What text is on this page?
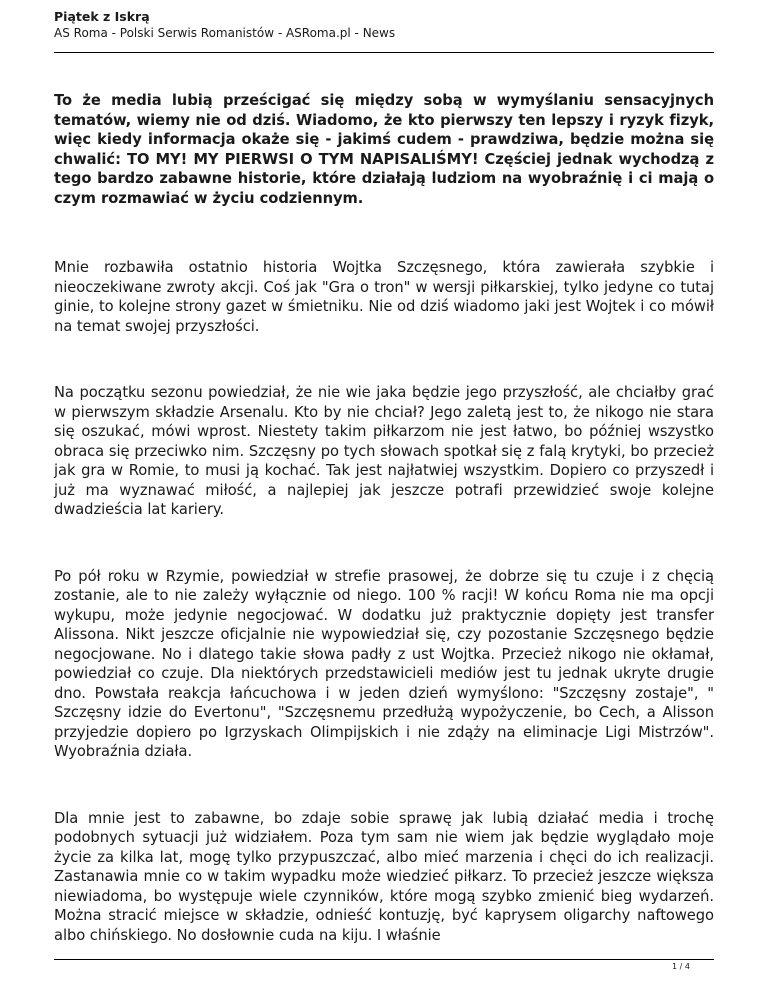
Piątek z Iskrą
AS Roma - Polski Serwis Romanistów - ASRoma.pl - News

To że media lubią prześcigać się między sobą w wymyślaniu sensacyjnych tematów, wiemy nie od dziś. Wiadomo, że kto pierwszy ten lepszy i ryzyk fizyk, więc kiedy informacja okaże się - jakimś cudem - prawdziwa, będzie można się chwalić: TO MY! MY PIERWSI O TYM NAPISALIŚMY! Częściej jednak wychodzą z tego bardzo zabawne historie, które działają ludziom na wyobraźnię i ci mają o czym rozmawiać w życiu codziennym.

Mnie rozbawiła ostatnio historia Wojtka Szczęsnego, która zawierała szybkie i nieoczekiwane zwroty akcji. Coś jak "Gra o tron" w wersji piłkarskiej, tylko jedyne co tutaj ginie, to kolejne strony gazet w śmietniku. Nie od dziś wiadomo jaki jest Wojtek i co mówił na temat swojej przyszłości.

Na początku sezonu powiedział, że nie wie jaka będzie jego przyszłość, ale chciałby grać w pierwszym składzie Arsenalu. Kto by nie chciał? Jego zaletą jest to, że nikogo nie stara się oszukać, mówi wprost. Niestety takim piłkarzom nie jest łatwo, bo później wszystko obraca się przeciwko nim. Szczęsny po tych słowach spotkał się z falą krytyki, bo przecież jak gra w Romie, to musi ją kochać. Tak jest najłatwiej wszystkim. Dopiero co przyszedł i już ma wyznawać miłość, a najlepiej jak jeszcze potrafi przewidzieć swoje kolejne dwadzieścia lat kariery.

Po pół roku w Rzymie, powiedział w strefie prasowej, że dobrze się tu czuje i z chęcią zostanie, ale to nie zależy wyłącznie od niego. 100 % racji! W końcu Roma nie ma opcji wykupu, może jedynie negocjować. W dodatku już praktycznie dopięty jest transfer Alissona. Nikt jeszcze oficjalnie nie wypowiedział się, czy pozostanie Szczęsnego będzie negocjowane. No i dlatego takie słowa padły z ust Wojtka. Przecież nikogo nie okłamał, powiedział co czuje. Dla niektórych przedstawicieli mediów jest tu jednak ukryte drugie dno. Powstała reakcja łańcuchowa i w jeden dzień wymyślono: "Szczęsny zostaje", " Szczęsny idzie do Evertonu", "Szczęsnemu przedłużą wypożyczenie, bo Cech, a Alisson przyjedzie dopiero po Igrzyskach Olimpijskich i nie zdąży na eliminacje Ligi Mistrzów". Wyobraźnia działa.

Dla mnie jest to zabawne, bo zdaje sobie sprawę jak lubią działać media i trochę podobnych sytuacji już widziałem. Poza tym sam nie wiem jak będzie wyglądało moje życie za kilka lat, mogę tylko przypuszczać, albo mieć marzenia i chęci do ich realizacji. Zastanawia mnie co w takim wypadku może wiedzieć piłkarz. To przecież jeszcze większa niewiadoma, bo występuje wiele czynników, które mogą szybko zmienić bieg wydarzeń. Można stracić miejsce w składzie, odnieść kontuzję, być kaprysem oligarchy naftowego albo chińskiego. No dosłownie cuda na kiju. I właśnie

1 / 4
